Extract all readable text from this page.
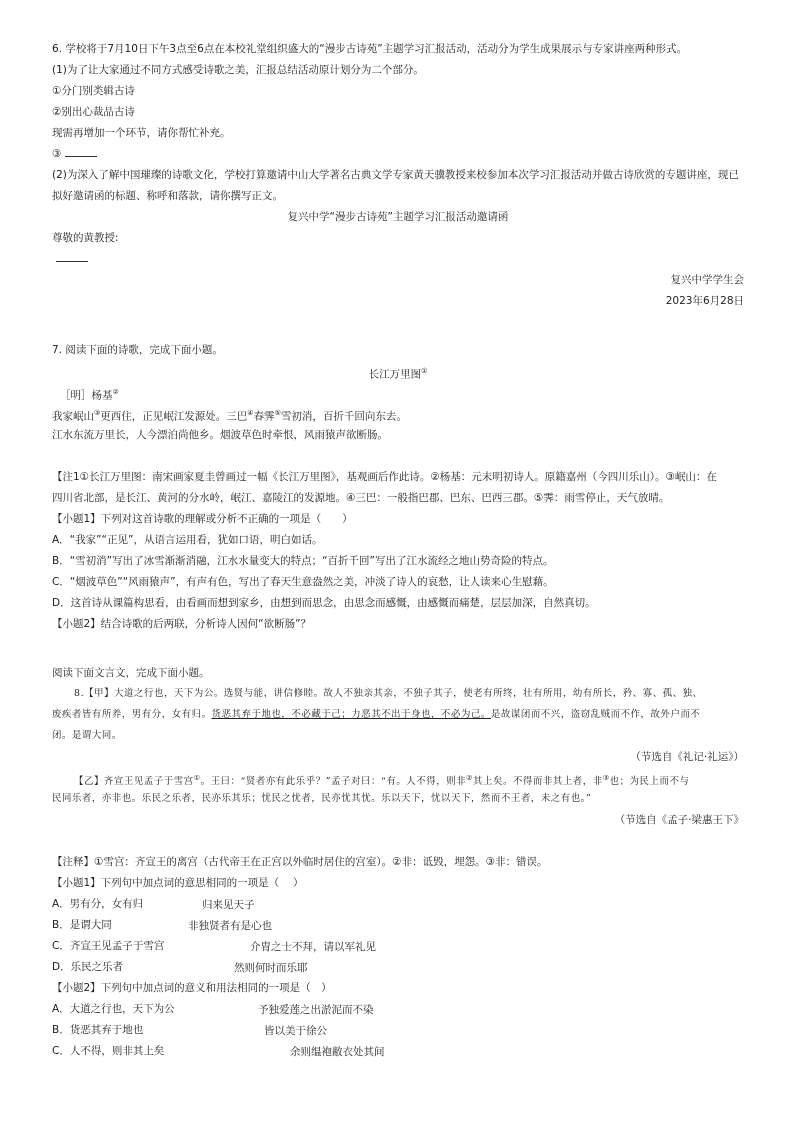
6. 学校将于7月10日下午3点至6点在本校礼堂组织盛大的“漫步古诗苑”主题学习汇报活动，活动分为学生成果展示与专家讲座两种形式。
(1)为了让大家通过不同方式感受诗歌之美，汇报总结活动原计划分为二个部分。
①分门别类辑古诗
②别出心裁品古诗
现需再增加一个环节，请你帮忙补充。
③
(2)为深入了解中国璀璨的诗歌文化，学校打算邀请中山大学著名古典文学专家黄天骥教授来校参加本次学习汇报活动并做古诗欣赏的专题讲座，现已
拟好邀请函的标题、称呼和落款，请你撰写正文。
复兴中学“漫步古诗苑”主题学习汇报活动邀请函
尊敬的黄教授:
复兴中学学生会
2023年6月28日
7. 阅读下面的诗歌，完成下面小题。
长江万里图①
［明］杨基②
我家岷山③更西住，正见岷江发源处。三巴④春霁⑤雪初消，百折千回向东去。
江水东流万里长，人今漂泊尚他乡。烟波草色时牵恨，风雨猿声欲断肠。
【注1①长江万里图：南宋画家夏圭曾画过一幅《长江万里图》，基观画后作此诗。②杨基：元末明初诗人。原籍嘉州（今四川乐山）。③岷山：在
四川省北部，是长江、黄河的分水岭，岷江、嘉陵江的发源地。④三巴：一般指巴郡、巴东、巴西三郡。⑤霁：雨雪停止，天气放晴。
【小题1】下列对这首诗歌的理解或分析不正确的一项是（　　）
A．“我家”“正见”，从语言运用看，犹如口语，明白如话。
B．“雪初消”写出了冰雪渐渐消融，江水水量变大的特点；“百折千回”写出了江水流经之地山势奇险的特点。
C．“烟波草色”“风雨猿声”，有声有色，写出了春天生意盎然之美，冲淡了诗人的哀愁，让人读来心生慰藉。
D．这首诗从课篇构思看，由看画而想到家乡，由想到而思念，由思念而感慨，由感慨而痛楚，层层加深，自然真切。
【小题2】结合诗歌的后两联，分析诗人因何“欲断肠”？
阅读下面文言文，完成下面小题。
8.【甲】大道之行也，天下为公。选贤与能，讲信修睦。故人不独亲其亲，不独子其子，使老有所终，壮有所用，幼有所长，矜、寡、孤、独、
废疾者皆有所养，男有分，女有归。货恶其弃于地也，不必藏于己；力恶其不出于身也，不必为己。是故谋闭而不兴，盗窃乱贼而不作，故外户而不
闭。是谓大同。
（节选自《礼记·礼运》）
【乙】齐宣王见孟子于雪宫①。王曰：“贤者亦有此乐乎？”孟子对曰：“有。人不得，则非②其上矣。不得而非其上者，非③也；为民上而不与
民同乐者，亦非也。乐民之乐者，民亦乐其乐；忧民之忧者，民亦忧其忧。乐以天下，忧以天下，然而不王者，未之有也。”
（节选自《孟子·梁惠王下》
【注释】①雪宫：齐宣王的离宫（古代帝王在正宫以外临时居住的宫室）。②非：诋毁，埋怨。③非：错误。
【小题1】下列句中加点词的意思相同的一项是（　 ）
A．男有分，女有归	归来见天子
B．是谓大同	非独贤者有是心也
C．齐宣王见孟子于雪宫	介胄之士不拜，请以军礼见
D．乐民之乐者	然则何时而乐耶
【小题2】下列句中加点词的意义和用法相同的一项是（　）
A．大道之行也，天下为公	予独爱莲之出淤泥而不染
B．货恶其弃于地也	皆以美于徐公
C．人不得，则非其上矣	余则缊袍敝衣处其间
